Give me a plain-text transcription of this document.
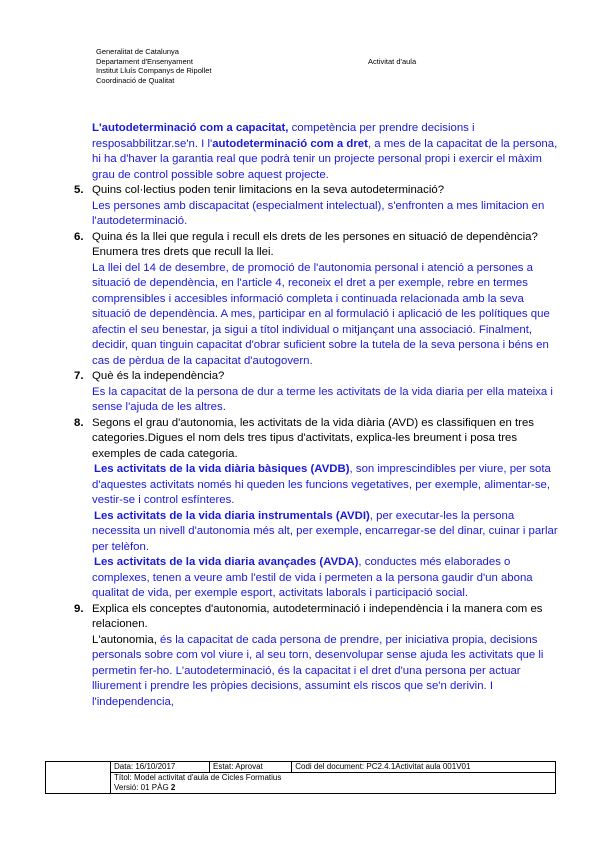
Generalitat de Catalunya
Departament d'Ensenyament
Institut Lluís Companys de Ripollet
Coordinació de Qualitat
Activitat d'aula

L'autodeterminació com a capacitat, competència per prendre decisions i resposabbilitzar.se'n. I l'autodeterminació com a dret, a mes de la capacitat de la persona, hi ha d'haver la garantia real que podrà tenir un projecte personal propi i exercir el màxim grau de control possible sobre aquest projecte.

5. Quins col·lectius poden tenir limitacions en la seva autodeterminació?

Les persones amb discapacitat (especialment intelectual), s'enfronten a mes limitacion en l'autodeterminació.

6. Quina és la llei que regula i recull els drets de les persones en situació de dependència? Enumera tres drets que recull la llei.

La llei del 14 de desembre, de promoció de l'autonomia personal i atenció a persones a situació de dependència, en l'article 4, reconeix el dret a per exemple, rebre en termes comprensibles i accesibles informació completa i continuada relacionada amb la seva situació de dependència. A mes, participar en al formulació i aplicació de les polítiques que afectin el seu benestar, ja sigui a títol individual o mitjançant una associació. Finalment, decidir, quan tinguin capacitat d'obrar suficient sobre la tutela de la seva persona i béns en cas de pèrdua de la capacitat d'autogovern.

7. Què és la independència?

Es la capacitat de la persona de dur a terme les activitats de la vida diaria per ella mateixa i sense l'ajuda de les altres.

8. Segons el grau d'autonomia, les activitats de la vida diària (AVD) es classifiquen en tres categories.Digues el nom dels tres tipus d'activitats, explica-les breument i posa tres exemples de cada categoria.

Les activitats de la vida diària bàsiques (AVDB), son imprescindibles per viure, per sota d'aquestes activitats només hi queden les funcions vegetatives, per exemple, alimentar-se, vestir-se i control esfínteres.

Les activitats de la vida diaria instrumentals (AVDI), per executar-les la persona necessita un nivell d'autonomia més alt, per exemple, encarregar-se del dinar, cuinar i parlar per telèfon.

Les activitats de la vida diaria avançades (AVDA), conductes més elaborades o complexes, tenen a veure amb l'estil de vida i permeten a la persona gaudir d'un abona qualitat de vida, per exemple esport, activitats laborals i participació social.

9. Explica els conceptes d'autonomia, autodeterminació i independència i la manera com es relacionen.

L'autonomia, és la capacitat de cada persona de prendre, per iniciativa propia, decisions personals sobre com vol viure i, al seu torn, desenvolupar sense ajuda les activitats que li permetin fer-ho. L'autodeterminació, és la capacitat i el dret d'una persona per actuar lliurement i prendre les pròpies decisions, assumint els riscos que se'n derivin. I l'independencia,

	Data: 16/10/2017	Estat: Aprovat	Codi del document: PC2.4.1Activitat aula 001V01
Títol: Model activitat d'aula de Cicles Formatius
Versió: 01 PÀG 2
